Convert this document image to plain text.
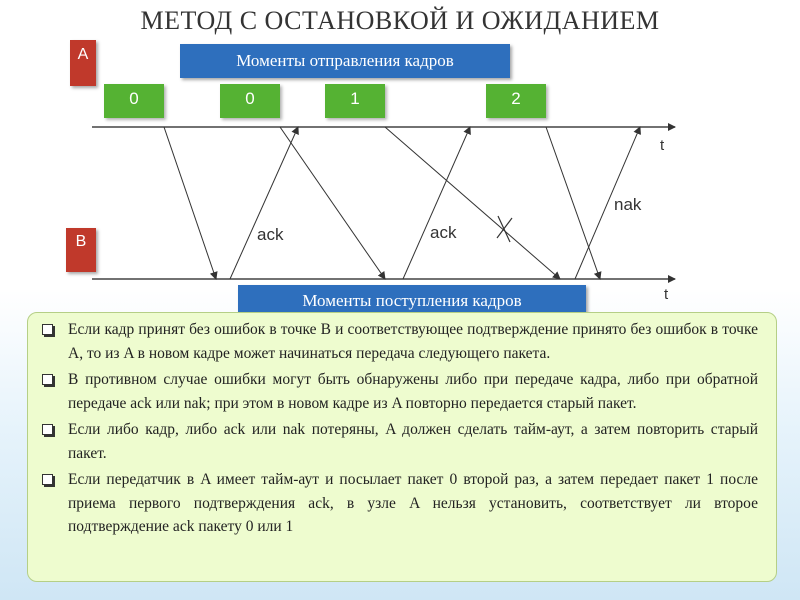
МЕТОД С ОСТАНОВКОЙ И ОЖИДАНИЕМ
A
B
Моменты отправления кадров
0	0	1	2
t
t
ack	ack
nak
Моменты поступления кадров
Если кадр принят без ошибок в точке B и соответствующее подтверждение принято без ошибок в точке A, то из A в новом кадре может начинаться передача следующего пакета.
В противном случае ошибки могут быть обнаружены либо при передаче кадра, либо при обратной передаче ack или nak; при этом в новом кадре из A повторно передается старый пакет.
Если либо кадр, либо ack или nak потеряны, A должен сделать тайм-аут, а затем повторить старый пакет.
Если передатчик в A имеет тайм-аут и посылает пакет 0 второй раз, а затем передает пакет 1 после приема первого подтверждения ack, в узле A нельзя установить, соответствует ли второе подтверждение ack пакету 0 или 1
